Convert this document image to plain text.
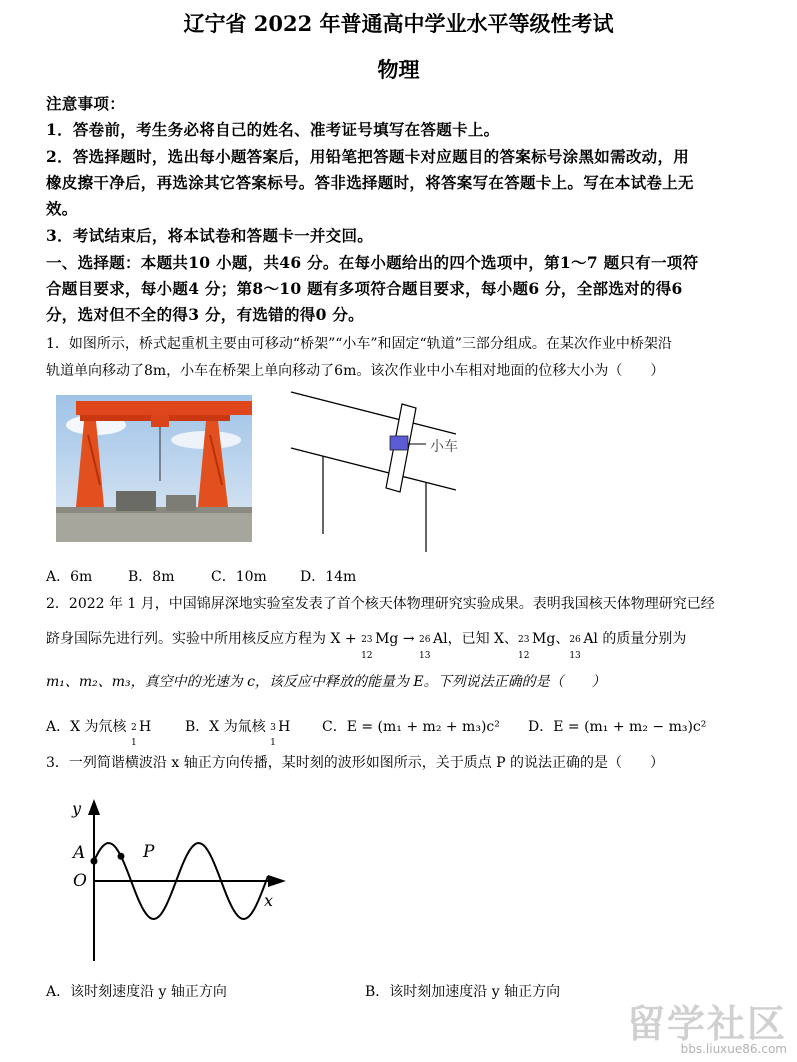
辽宁省 2022 年普通高中学业水平等级性考试
物理
注意事项：
1．答卷前，考生务必将自己的姓名、准考证号填写在答题卡上。
2．答选择题时，选出每小题答案后，用铅笔把答题卡对应题目的答案标号涂黑如需改动，用
橡皮擦干净后，再选涂其它答案标号。答非选择题时，将答案写在答题卡上。写在本试卷上无
效。
3．考试结束后，将本试卷和答题卡一并交回。
一、选择题：本题共10 小题，共46 分。在每小题给出的四个选项中，第1～7 题只有一项符
合题目要求，每小题4 分；第8～10 题有多项符合题目要求，每小题6 分，全部选对的得6
分，选对但不全的得3 分，有选错的得0 分。
1．如图所示，桥式起重机主要由可移动“桥架”“小车”和固定“轨道”三部分组成。在某次作业中桥架沿
轨道单向移动了8m，小车在桥架上单向移动了6m。该次作业中小车相对地面的位移大小为（　　）
小车
A．6m	B．8m	C．10m D．14m
2．2022 年 1 月，中国锦屏深地实验室发表了首个核天体物理研究实验成果。表明我国核天体物理研究已经
跻身国际先进行列。实验中所用核反应方程为 X + 23
12
Mg → 26
13
Al，已知 X、 23
12
Mg、 26
13
Al 的质量分别为
m₁、m₂、m₃，真空中的光速为 c，该反应中释放的能量为 E。下列说法正确的是（　　）
A．X 为氘核 2
1
H B．X 为氚核 3
1
H C．E = (m₁ + m₂ + m₃)c² D．E = (m₁ + m₂ − m₃)c²
3．一列简谐横波沿 x 轴正方向传播，某时刻的波形如图所示，关于质点 P 的说法正确的是（　　）
y
x
O
A	P
A．该时刻速度沿 y 轴正方向	B．该时刻加速度沿 y 轴正方向
留学社区
bbs.liuxue86.com
